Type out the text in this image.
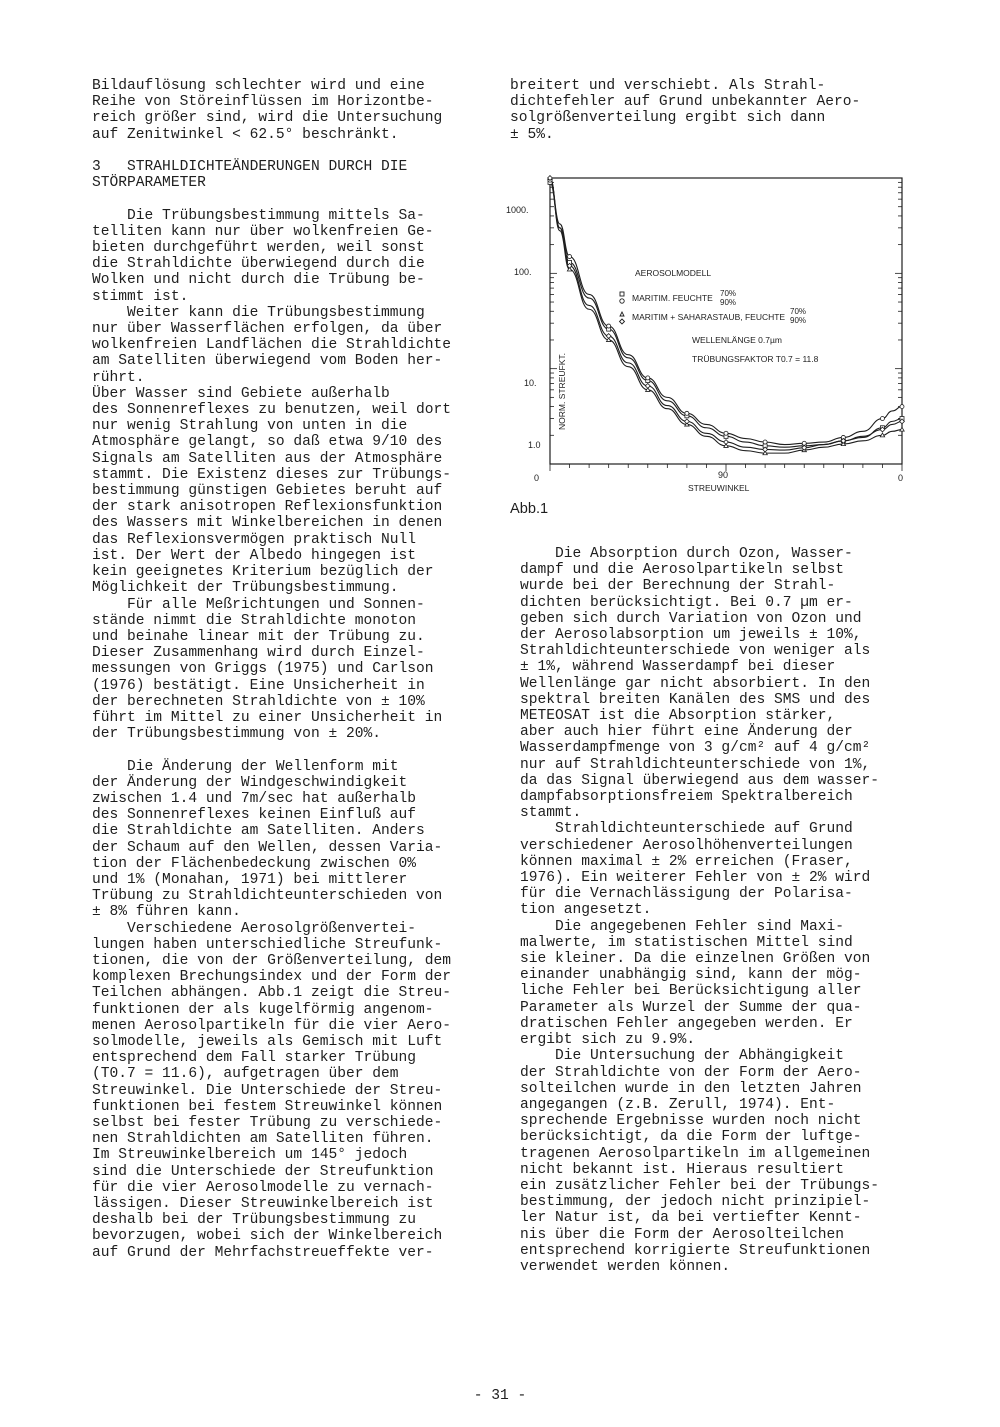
Bildauflösung schlechter wird und eine

Reihe von Störeinflüssen im Horizontbe-

reich größer sind, wird die Untersuchung

auf Zenitwinkel < 62.5° beschränkt.

3   STRAHLDICHTEÄNDERUNGEN DURCH DIE

STÖRPARAMETER

Die Trübungsbestimmung mittels Sa-

telliten kann nur über wolkenfreien Ge-

bieten durchgeführt werden, weil sonst

die Strahldichte überwiegend durch die

Wolken und nicht durch die Trübung be-

stimmt ist.

Weiter kann die Trübungsbestimmung

nur über Wasserflächen erfolgen, da über

wolkenfreien Landflächen die Strahldichte

am Satelliten überwiegend vom Boden her-

rührt.

Über Wasser sind Gebiete außerhalb

des Sonnenreflexes zu benutzen, weil dort

nur wenig Strahlung von unten in die

Atmosphäre gelangt, so daß etwa 9/10 des

Signals am Satelliten aus der Atmosphäre

stammt. Die Existenz dieses zur Trübungs-

bestimmung günstigen Gebietes beruht auf

der stark anisotropen Reflexionsfunktion

des Wassers mit Winkelbereichen in denen

das Reflexionsvermögen praktisch Null

ist. Der Wert der Albedo hingegen ist

kein geeignetes Kriterium bezüglich der

Möglichkeit der Trübungsbestimmung.

Für alle Meßrichtungen und Sonnen-

stände nimmt die Strahldichte monoton

und beinahe linear mit der Trübung zu.

Dieser Zusammenhang wird durch Einzel-

messungen von Griggs (1975) und Carlson

(1976) bestätigt. Eine Unsicherheit in

der berechneten Strahldichte von ± 10%

führt im Mittel zu einer Unsicherheit in

der Trübungsbestimmung von ± 20%.

Die Änderung der Wellenform mit

der Änderung der Windgeschwindigkeit

zwischen 1.4 und 7m/sec hat außerhalb

des Sonnenreflexes keinen Einfluß auf

die Strahldichte am Satelliten. Anders

der Schaum auf den Wellen, dessen Varia-

tion der Flächenbedeckung zwischen 0%

und 1% (Monahan, 1971) bei mittlerer

Trübung zu Strahldichteunterschieden von

± 8% führen kann.

Verschiedene Aerosolgrößenvertei-

lungen haben unterschiedliche Streufunk-

tionen, die von der Größenverteilung, dem

komplexen Brechungsindex und der Form der

Teilchen abhängen. Abb.1 zeigt die Streu-

funktionen der als kugelförmig angenom-

menen Aerosolpartikeln für die vier Aero-

solmodelle, jeweils als Gemisch mit Luft

entsprechend dem Fall starker Trübung

(T0.7 = 11.6), aufgetragen über dem

Streuwinkel. Die Unterschiede der Streu-

funktionen bei festem Streuwinkel können

selbst bei fester Trübung zu verschiede-

nen Strahldichten am Satelliten führen.

Im Streuwinkelbereich um 145° jedoch

sind die Unterschiede der Streufunktion

für die vier Aerosolmodelle zu vernach-

lässigen. Dieser Streuwinkelbereich ist

deshalb bei der Trübungsbestimmung zu

bevorzugen, wobei sich der Winkelbereich

auf Grund der Mehrfachstreueffekte ver-

breitert und verschiebt. Als Strahl-

dichtefehler auf Grund unbekannter Aero-

solgrößenverteilung ergibt sich dann

± 5%.

1000.
100.
10.
1.0
0	90	0
STREUWINKEL
NORM. STREUFKT.
AEROSOLMODELL
MARITIM. FEUCHTE 70%
90%
MARITIM + SAHARASTAUB, FEUCHTE
70%
90%
WELLENLÄNGE 0.7µm
TRÜBUNGSFAKTOR T0.7 = 11.8
Abb.1

Die Absorption durch Ozon, Wasser-

dampf und die Aerosolpartikeln selbst

wurde bei der Berechnung der Strahl-

dichten berücksichtigt. Bei 0.7 µm er-

geben sich durch Variation von Ozon und

der Aerosolabsorption um jeweils ± 10%,

Strahldichteunterschiede von weniger als

± 1%, während Wasserdampf bei dieser

Wellenlänge gar nicht absorbiert. In den

spektral breiten Kanälen des SMS und des

METEOSAT ist die Absorption stärker,

aber auch hier führt eine Änderung der

Wasserdampfmenge von 3 g/cm² auf 4 g/cm²

nur auf Strahldichteunterschiede von 1%,

da das Signal überwiegend aus dem wasser-

dampfabsorptionsfreiem Spektralbereich

stammt.

Strahldichteunterschiede auf Grund

verschiedener Aerosolhöhenverteilungen

können maximal ± 2% erreichen (Fraser,

1976). Ein weiterer Fehler von ± 2% wird

für die Vernachlässigung der Polarisa-

tion angesetzt.

Die angegebenen Fehler sind Maxi-

malwerte, im statistischen Mittel sind

sie kleiner. Da die einzelnen Größen von

einander unabhängig sind, kann der mög-

liche Fehler bei Berücksichtigung aller

Parameter als Wurzel der Summe der qua-

dratischen Fehler angegeben werden. Er

ergibt sich zu 9.9%.

Die Untersuchung der Abhängigkeit

der Strahldichte von der Form der Aero-

solteilchen wurde in den letzten Jahren

angegangen (z.B. Zerull, 1974). Ent-

sprechende Ergebnisse wurden noch nicht

berücksichtigt, da die Form der luftge-

tragenen Aerosolpartikeln im allgemeinen

nicht bekannt ist. Hieraus resultiert

ein zusätzlicher Fehler bei der Trübungs-

bestimmung, der jedoch nicht prinzipiel-

ler Natur ist, da bei vertiefter Kennt-

nis über die Form der Aerosolteilchen

entsprechend korrigierte Streufunktionen

verwendet werden können.

- 31 -
